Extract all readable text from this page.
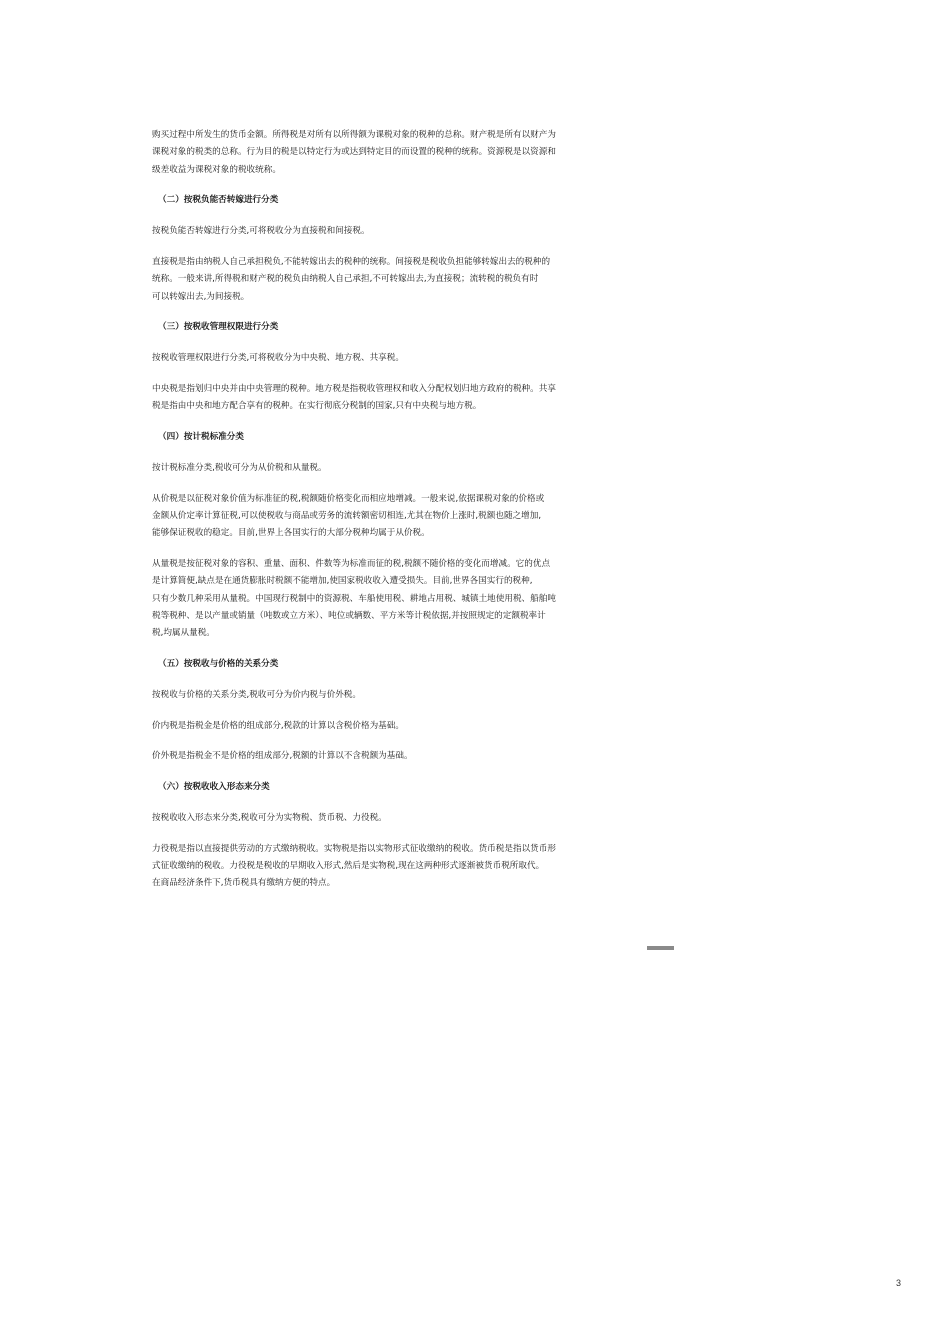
购买过程中所发生的货币金额。所得税是对所有以所得额为课税对象的税种的总称。财产税是所有以财产为
课税对象的税类的总称。行为目的税是以特定行为或达到特定目的而设置的税种的统称。资源税是以资源和
级差收益为课税对象的税收统称。
（二）按税负能否转嫁进行分类
按税负能否转嫁进行分类,可将税收分为直接税和间接税。
直接税是指由纳税人自己承担税负,不能转嫁出去的税种的统称。间接税是税收负担能够转嫁出去的税种的
统称。一般来讲,所得税和财产税的税负由纳税人自己承担,不可转嫁出去,为直接税；流转税的税负有时
可以转嫁出去,为间接税。
（三）按税收管理权限进行分类
按税收管理权限进行分类,可将税收分为中央税、地方税、共享税。
中央税是指划归中央并由中央管理的税种。地方税是指税收管理权和收入分配权划归地方政府的税种。共享
税是指由中央和地方配合享有的税种。在实行彻底分税制的国家,只有中央税与地方税。
（四）按计税标准分类
按计税标准分类,税收可分为从价税和从量税。
从价税是以征税对象价值为标准征的税,税额随价格变化而相应地增减。一般来说,依据课税对象的价格或
金额从价定率计算征税,可以使税收与商品或劳务的流转额密切相连,尤其在物价上涨时,税额也随之增加,
能够保证税收的稳定。目前,世界上各国实行的大部分税种均属于从价税。
从量税是按征税对象的容积、重量、面积、件数等为标准而征的税,税额不随价格的变化而增减。它的优点
是计算简便,缺点是在通货膨胀时税额不能增加,使国家税收收入遭受损失。目前,世界各国实行的税种,
只有少数几种采用从量税。中国现行税制中的资源税、车船使用税、耕地占用税、城镇土地使用税、船舶吨
税等税种、是以产量或销量（吨数或立方米）、吨位或辆数、平方米等计税依据,并按照规定的定额税率计
税,均属从量税。
（五）按税收与价格的关系分类
按税收与价格的关系分类,税收可分为价内税与价外税。
价内税是指税金是价格的组成部分,税款的计算以含税价格为基础。
价外税是指税金不是价格的组成部分,税额的计算以不含税额为基础。
（六）按税收收入形态来分类
按税收收入形态来分类,税收可分为实物税、货币税、力役税。
力役税是指以直接提供劳动的方式缴纳税收。实物税是指以实物形式征收缴纳的税收。货币税是指以货币形
式征收缴纳的税收。力役税是税收的早期收入形式,然后是实物税,现在这两种形式逐渐被货币税所取代。
在商品经济条件下,货币税具有缴纳方便的特点。
3
